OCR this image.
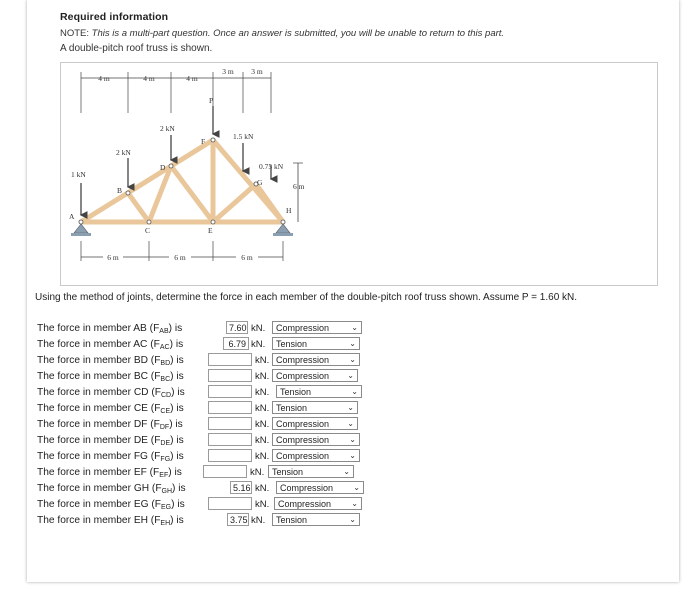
Required information
NOTE: This is a multi-part question. Once an answer is submitted, you will be unable to return to this part.
A double-pitch roof truss is shown.
4 m	4 m	4 m
3 m 3 m
1 kN
2 kN
2 kN
P
1.5 kN
0.75 kN
A
B
C
D
E
F
G
H
6 m
6 m	6 m	6 m
Using the method of joints, determine the force in each member of the double-pitch roof truss shown. Assume P = 1.60 kN.
The force in member AB $(F_{AB})$ is	7.60 kN.	Compression	⌄
The force in member AC $(F_{AC})$ is	6.79 kN.	Tension	⌄
The force in member BD $(F_{BD})$ is	kN. Compression	⌄
The force in member BC $(F_{BC})$ is	kN. Compression ⌄
The force in member CD $(F_{CD})$ is	kN.	Tension	⌄
The force in member CE $(F_{CE})$ is	kN. Tension	⌄
The force in member DF $(F_{DF})$ is	kN. Compression ⌄
The force in member DE $(F_{DE})$ is	kN. Compression	⌄
The force in member FG $(F_{FG})$ is	kN. Compression	⌄
The force in member EF $(F_{EF})$ is	kN. Tension	⌄
The force in member GH $(F_{GH})$ is	5.16 kN.	Compression	⌄
The force in member EG $(F_{EG})$ is	kN. Compression	⌄
The force in member EH $(F_{EH})$ is	3.75 kN.	Tension	⌄
